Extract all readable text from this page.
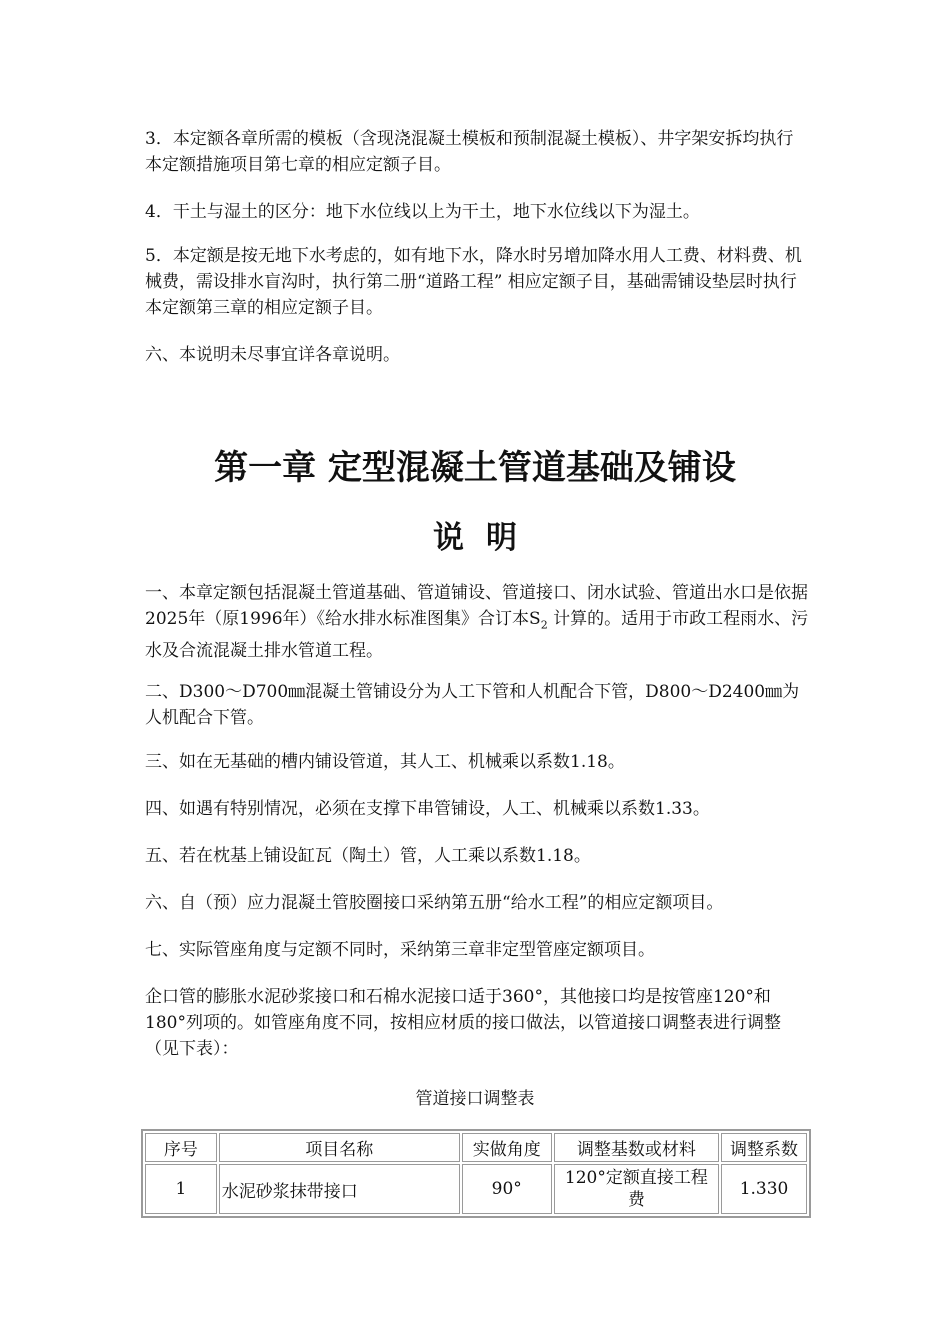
3．本定额各章所需的模板（含现浇混凝土模板和预制混凝土模板）、井字架安拆均执行本定额措施项目第七章的相应定额子目。

4．干土与湿土的区分：地下水位线以上为干土，地下水位线以下为湿土。

5．本定额是按无地下水考虑的，如有地下水，降水时另增加降水用人工费、材料费、机械费，需设排水盲沟时，执行第二册“道路工程” 相应定额子目，基础需铺设垫层时执行本定额第三章的相应定额子目。

六、本说明未尽事宜详各章说明。

第一章 定型混凝土管道基础及铺设
说明

一、本章定额包括混凝土管道基础、管道铺设、管道接口、闭水试验、管道出水口是依据2025年（原1996年）《给水排水标准图集》合订本$S_2$ 计算的。适用于市政工程雨水、污水及合流混凝土排水管道工程。

二、D300～D700㎜混凝土管铺设分为人工下管和人机配合下管，D800～D2400㎜为人机配合下管。

三、如在无基础的槽内铺设管道，其人工、机械乘以系数1.18。

四、如遇有特别情况，必须在支撑下串管铺设，人工、机械乘以系数1.33。

五、若在枕基上铺设缸瓦（陶土）管，人工乘以系数1.18。

六、自（预）应力混凝土管胶圈接口采纳第五册“给水工程”的相应定额项目。

七、实际管座角度与定额不同时，采纳第三章非定型管座定额项目。

企口管的膨胀水泥砂浆接口和石棉水泥接口适于360°，其他接口均是按管座120°和180°列项的。如管座角度不同，按相应材质的接口做法，以管道接口调整表进行调整（见下表）：

管道接口调整表

序号	项目名称	实做角度	调整基数或材料	调整系数
1	水泥砂浆抹带接口	90°	120°定额直接工程费	1.330
